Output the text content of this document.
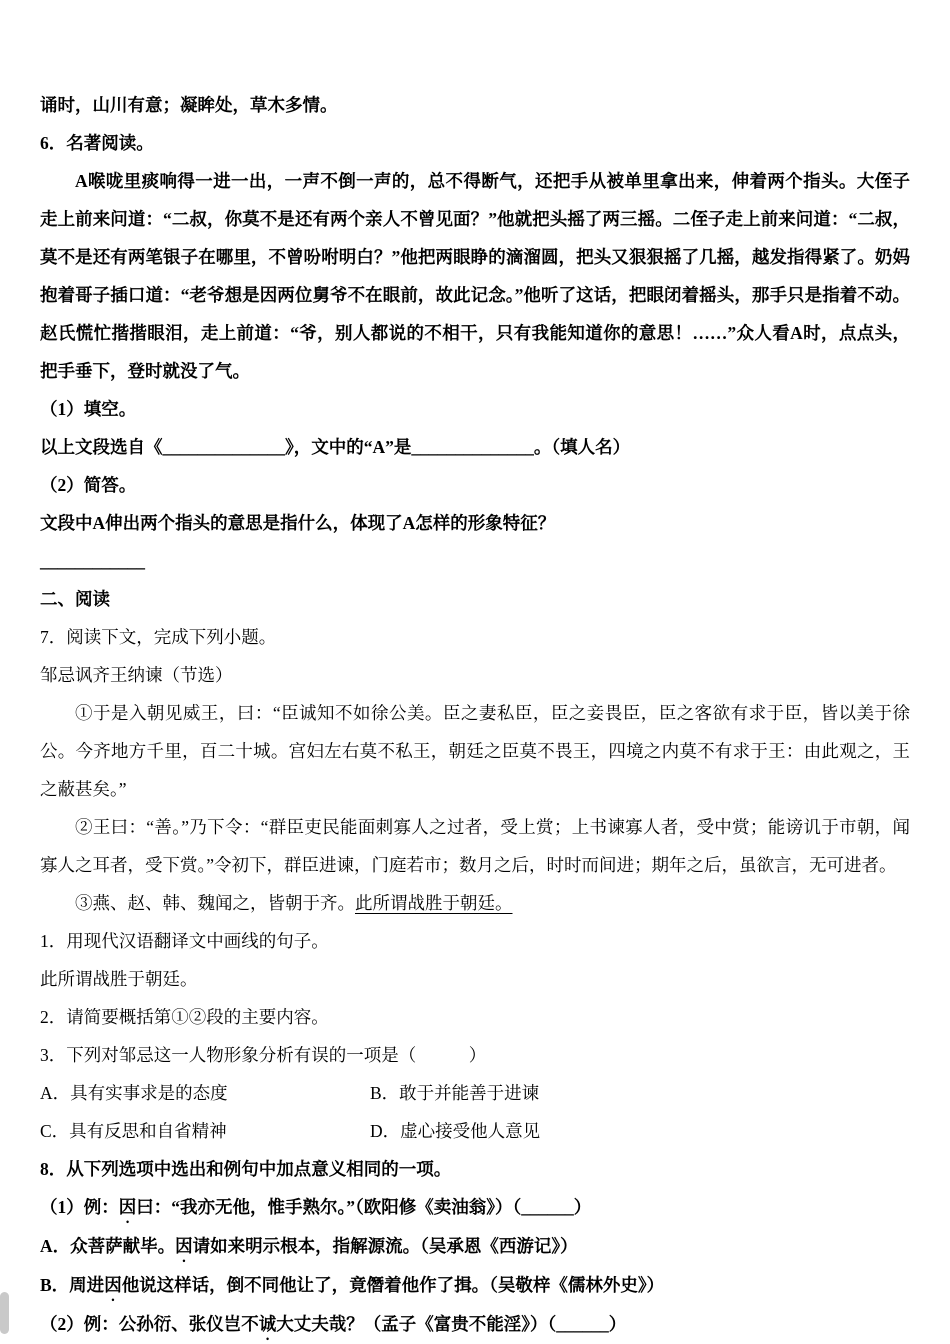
诵时，山川有意；凝眸处，草木多情。

6．名著阅读。

A喉咙里痰响得一进一出，一声不倒一声的，总不得断气，还把手从被单里拿出来，伸着两个指头。大侄子走上前来问道：“二叔，你莫不是还有两个亲人不曾见面？”他就把头摇了两三摇。二侄子走上前来问道：“二叔，莫不是还有两笔银子在哪里，不曾吩咐明白？”他把两眼睁的滴溜圆，把头又狠狠摇了几摇，越发指得紧了。奶妈抱着哥子插口道：“老爷想是因两位舅爷不在眼前，故此记念。”他听了这话，把眼闭着摇头，那手只是指着不动。赵氏慌忙揩揩眼泪，走上前道：“爷，别人都说的不相干，只有我能知道你的意思！……”众人看A时，点点头，把手垂下，登时就没了气。

（1）填空。

以上文段选自《______________》，文中的“A”是______________。（填人名）

（2）简答。

文段中A伸出两个指头的意思是指什么，体现了A怎样的形象特征？

____________

二、阅读

7．阅读下文，完成下列小题。

邹忌讽齐王纳谏（节选）

①于是入朝见威王，曰：“臣诚知不如徐公美。臣之妻私臣，臣之妾畏臣，臣之客欲有求于臣，皆以美于徐公。今齐地方千里，百二十城。宫妇左右莫不私王，朝廷之臣莫不畏王，四境之内莫不有求于王：由此观之，王之蔽甚矣。”

②王曰：“善。”乃下令：“群臣吏民能面刺寡人之过者，受上赏；上书谏寡人者，受中赏；能谤讥于市朝，闻寡人之耳者，受下赏。”令初下，群臣进谏，门庭若市；数月之后，时时而间进；期年之后，虽欲言，无可进者。

③燕、赵、韩、魏闻之，皆朝于齐。此所谓战胜于朝廷。

1．用现代汉语翻译文中画线的句子。

此所谓战胜于朝廷。

2．请简要概括第①②段的主要内容。

3．下列对邹忌这一人物形象分析有误的一项是（　　　）

A．具有实事求是的态度	B．敢于并能善于进谏
C．具有反思和自省精神	D．虚心接受他人意见

8．从下列选项中选出和例句中加点意义相同的一项。

（1）例：因曰：“我亦无他，惟手熟尔。”（欧阳修《卖油翁》）（______）

A．众菩萨献毕。因请如来明示根本，指解源流。（吴承恩《西游记》）

B．周进因他说这样话，倒不同他让了，竟僭着他作了揖。（吴敬梓《儒林外史》）

（2）例：公孙衍、张仪岂不诚大丈夫哉？（孟子《富贵不能淫》）（______）
